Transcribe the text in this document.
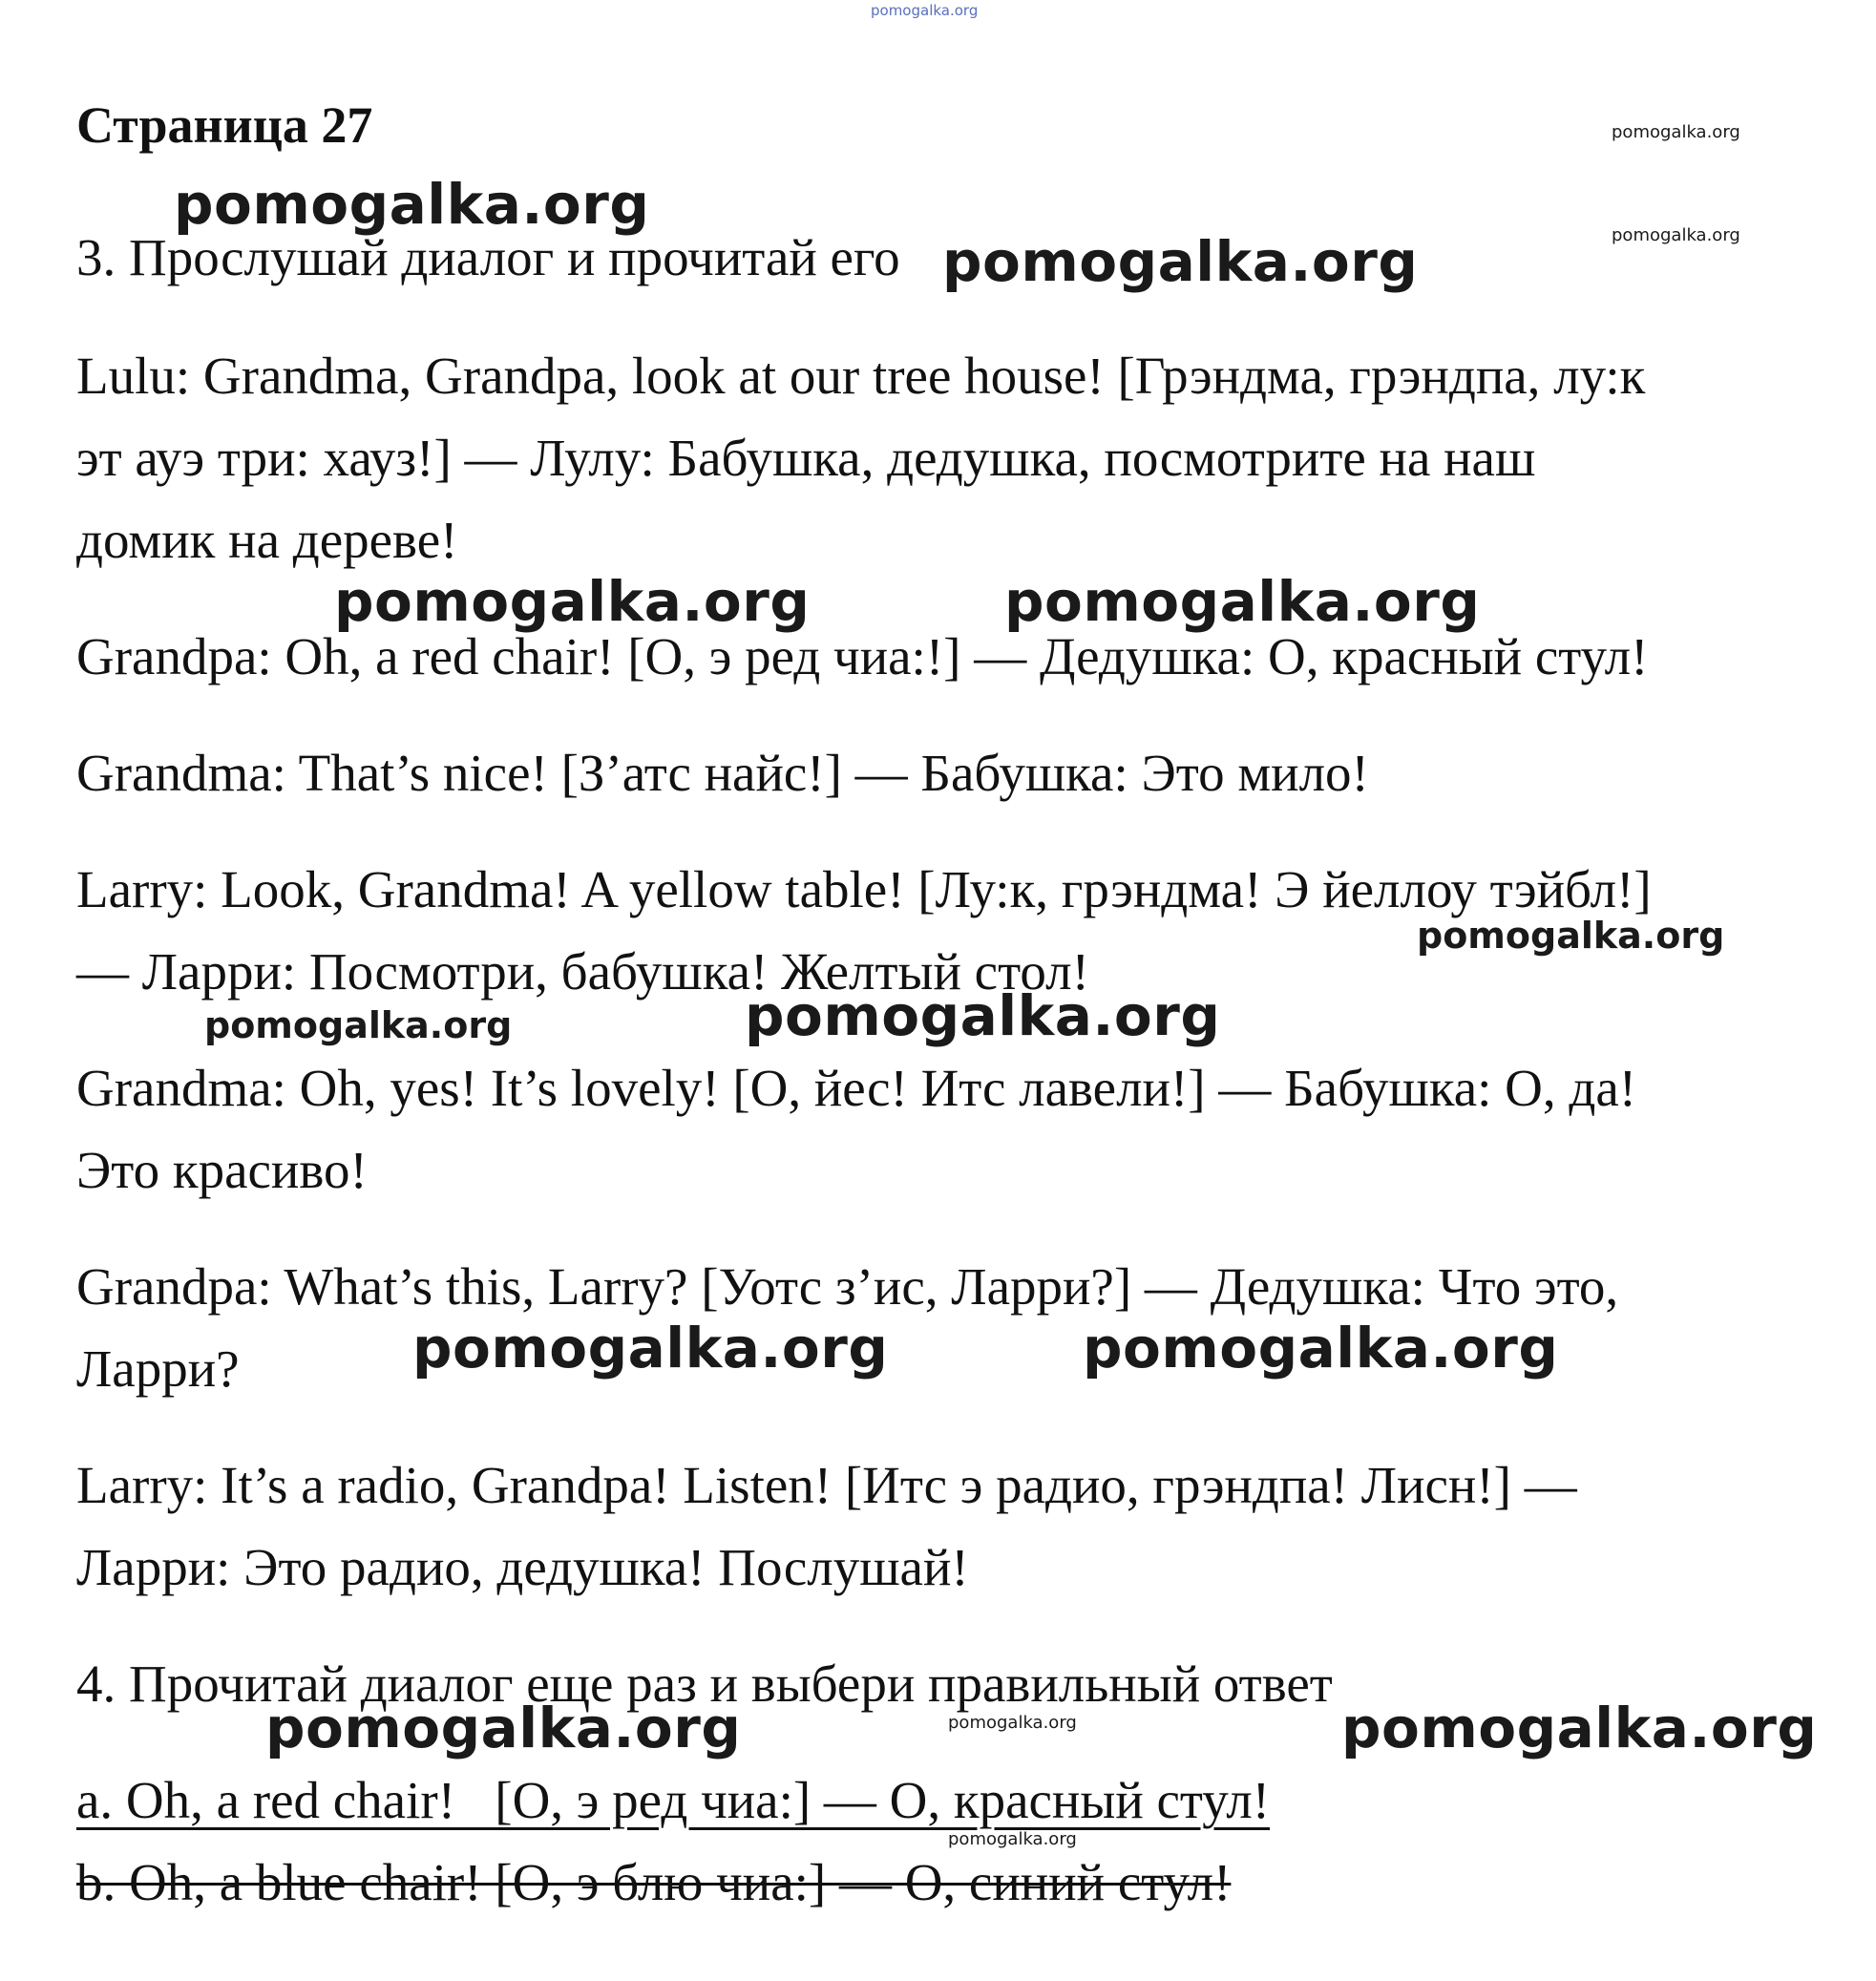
pomogalka.org
Страница 27	pomogalka.org
pomogalka.org
pomogalka.org
pomogalka.org
3. Прослушай диалог и прочитай его
Lulu: Grandma, Grandpa, look at our tree house! [Грэндма, грэндпа, лу:к
эт ауэ три: хауз!] — Лулу: Бабушка, дедушка, посмотрите на наш
домик на дереве!
pomogalka.org	pomogalka.org
Grandpa: Oh, a red chair! [О, э ред чиа:!] — Дедушка: О, красный стул!
Grandma: That’s nice! [З’атс найс!] — Бабушка: Это мило!
Larry: Look, Grandma! A yellow table! [Лу:к, грэндма! Э йеллоу тэйбл!]
pomogalka.org
— Ларри: Посмотри, бабушка! Желтый стол!
pomogalka.org	pomogalka.org
Grandma: Oh, yes! It’s lovely! [О, йес! Итс лавели!] — Бабушка: О, да!
Это красиво!
Grandpa: What’s this, Larry? [Уотс з’ис, Ларри?] — Дедушка: Что это,
pomogalka.org	pomogalka.org
Ларри?
Larry: It’s a radio, Grandpa! Listen! [Итс э радио, грэндпа! Лисн!] —
Ларри: Это радио, дедушка! Послушай!
4. Прочитай диалог еще раз и выбери правильный ответ
pomogalka.org	pomogalka.org	pomogalka.org
a. Oh, a red chair!   [О, э ред чиа:] — О, красный стул!
pomogalka.org
b. Oh, a blue chair! [О, э блю чиа:] — О, синий стул!
